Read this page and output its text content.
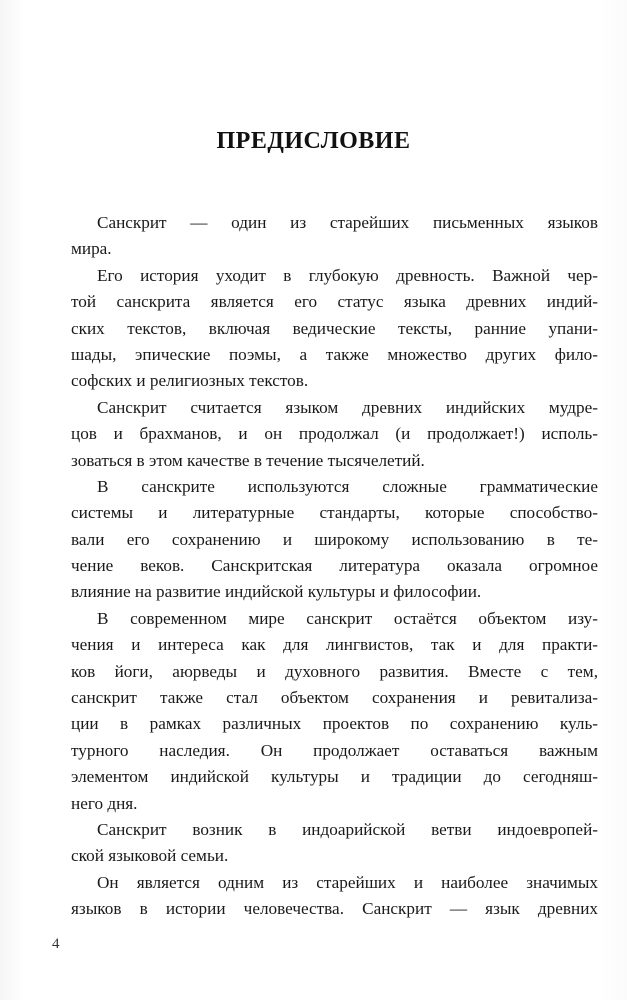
ПРЕДИСЛОВИЕ
Санскрит — один из старейших письменных языков
мира.
Его история уходит в глубокую древность. Важной чер-
той санскрита является его статус языка древних индий-
ских текстов, включая ведические тексты, ранние упани-
шады, эпические поэмы, а также множество других фило-
софских и религиозных текстов.
Санскрит считается языком древних индийских мудре-
цов и брахманов, и он продолжал (и продолжает!) исполь-
зоваться в этом качестве в течение тысячелетий.
В санскрите используются сложные грамматические
системы и литературные стандарты, которые способство-
вали его сохранению и широкому использованию в те-
чение веков. Санскритская литература оказала огромное
влияние на развитие индийской культуры и философии.
В современном мире санскрит остаётся объектом изу-
чения и интереса как для лингвистов, так и для практи-
ков йоги, аюрведы и духовного развития. Вместе с тем,
санскрит также стал объектом сохранения и ревитализа-
ции в рамках различных проектов по сохранению куль-
турного наследия. Он продолжает оставаться важным
элементом индийской культуры и традиции до сегодняш-
него дня.
Санскрит возник в индоарийской ветви индоевропей-
ской языковой семьи.
Он является одним из старейших и наиболее значимых
языков в истории человечества. Санскрит — язык древних
4
